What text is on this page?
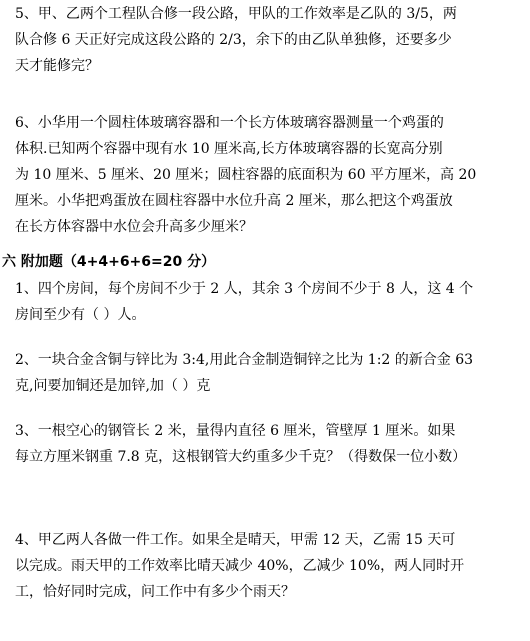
5、甲、乙两个工程队合修一段公路，甲队的工作效率是乙队的 3/5，两
队合修 6 天正好完成这段公路的 2/3，余下的由乙队单独修，还要多少
天才能修完？
6、小华用一个圆柱体玻璃容器和一个长方体玻璃容器测量一个鸡蛋的
体积.已知两个容器中现有水 10 厘米高,长方体玻璃容器的长宽高分别
为 10 厘米、5 厘米、20 厘米；圆柱容器的底面积为 60 平方厘米，高 20
厘米。小华把鸡蛋放在圆柱容器中水位升高 2 厘米，那么把这个鸡蛋放
在长方体容器中水位会升高多少厘米？
六 附加题（4+4+6+6=20 分）
1、四个房间，每个房间不少于 2 人，其余 3 个房间不少于 8 人，这 4 个
房间至少有（ ）人。
2、一块合金含铜与锌比为 3:4,用此合金制造铜锌之比为 1:2 的新合金 63
克,问要加铜还是加锌,加（ ）克
3、一根空心的钢管长 2 米，量得内直径 6 厘米，管壁厚 1 厘米。如果
每立方厘米钢重 7.8 克，这根钢管大约重多少千克？（得数保一位小数）
4、甲乙两人各做一件工作。如果全是晴天，甲需 12 天，乙需 15 天可
以完成。雨天甲的工作效率比晴天减少 40%，乙减少 10%，两人同时开
工，恰好同时完成，问工作中有多少个雨天？
